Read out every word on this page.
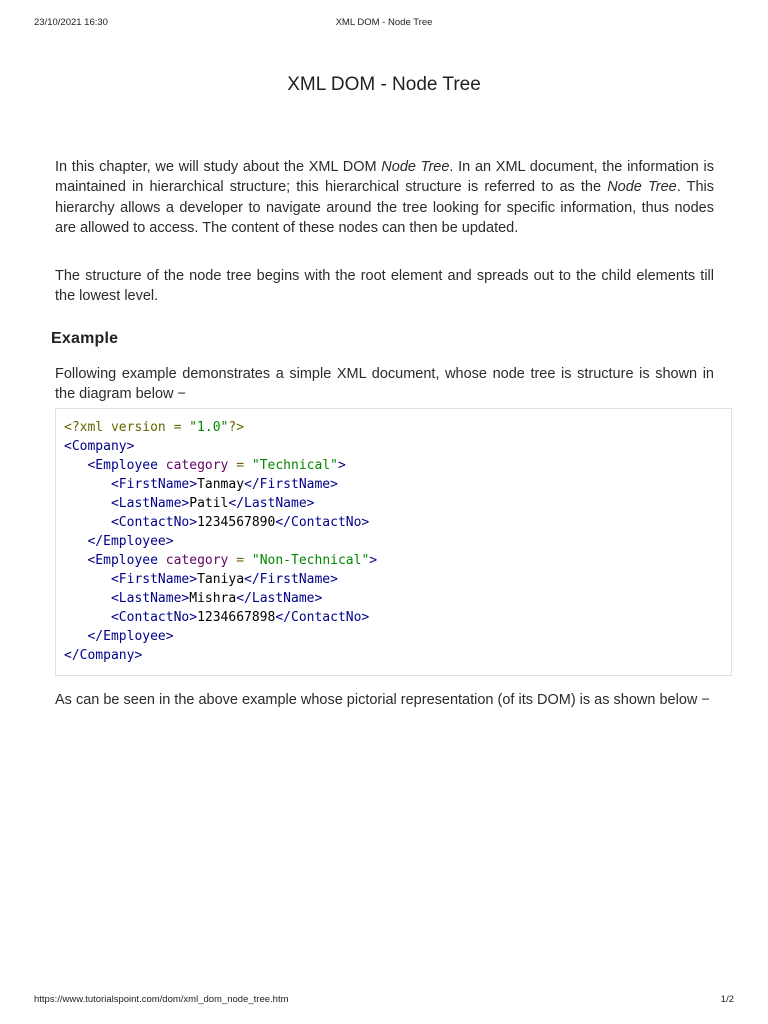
23/10/2021 16:30	XML DOM - Node Tree
XML DOM - Node Tree

In this chapter, we will study about the XML DOM Node Tree. In an XML document, the information is maintained in hierarchical structure; this hierarchical structure is referred to as the Node Tree. This hierarchy allows a developer to navigate around the tree looking for specific information, thus nodes are allowed to access. The content of these nodes can then be updated.

The structure of the node tree begins with the root element and spreads out to the child elements till the lowest level.

Example

Following example demonstrates a simple XML document, whose node tree is structure is shown in the diagram below −

<?xml version = "1.0"?>
<Company>
<Employee category = "Technical">
<FirstName>Tanmay</FirstName>
<LastName>Patil</LastName>
<ContactNo>1234567890</ContactNo>
</Employee>
<Employee category = "Non-Technical">
<FirstName>Taniya</FirstName>
<LastName>Mishra</LastName>
<ContactNo>1234667898</ContactNo>
</Employee>
</Company>

As can be seen in the above example whose pictorial representation (of its DOM) is as shown below −

https://www.tutorialspoint.com/dom/xml_dom_node_tree.htm	1/2
